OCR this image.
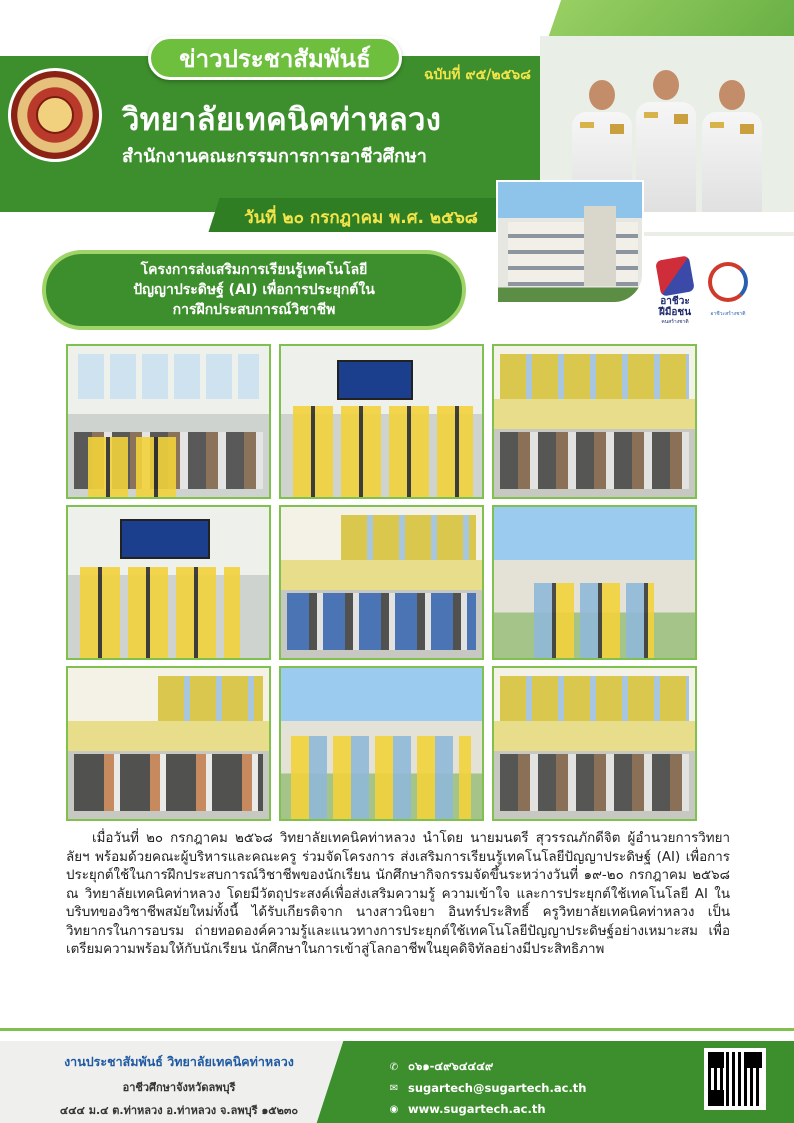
ข่าวประชาสัมพันธ์
ฉบับที่ ๙๕/๒๕๖๘
วิทยาลัยเทคนิคท่าหลวง
สำนักงานคณะกรรมการการอาชีวศึกษา
วันที่ ๒๐ กรกฎาคม พ.ศ. ๒๕๖๘
อาชีวะ
ฝีมือชน
คนสร้างชาติ
อาชีวะสร้างชาติ
โครงการส่งเสริมการเรียนรู้เทคโนโลยี
ปัญญาประดิษฐ์ (AI) เพื่อการประยุกต์ใน
การฝึกประสบการณ์วิชาชีพ

เมื่อวันที่ ๒๐ กรกฎาคม ๒๕๖๘ วิทยาลัยเทคนิคท่าหลวง นำโดย นายมนตรี สุวรรณภักดีจิต ผู้อำนวยการวิทยาลัยฯ พร้อมด้วยคณะผู้บริหารและคณะครู ร่วมจัดโครงการ ส่งเสริมการเรียนรู้เทคโนโลยีปัญญาประดิษฐ์ (AI) เพื่อการประยุกต์ใช้ในการฝึกประสบการณ์วิชาชีพของนักเรียน นักศึกษากิจกรรมจัดขึ้นระหว่างวันที่ ๑๙-๒๐ กรกฎาคม ๒๕๖๘ ณ วิทยาลัยเทคนิคท่าหลวง โดยมีวัตถุประสงค์เพื่อส่งเสริมความรู้ ความเข้าใจ และการประยุกต์ใช้เทคโนโลยี AI ในบริบทของวิชาชีพสมัยใหม่ทั้งนี้ ได้รับเกียรติจาก นางสาวนิจยา อินทร์ประสิทธิ์ ครูวิทยาลัยเทคนิคท่าหลวง เป็นวิทยากรในการอบรม ถ่ายทอดองค์ความรู้และแนวทางการประยุกต์ใช้เทคโนโลยีปัญญาประดิษฐ์อย่างเหมาะสม เพื่อเตรียมความพร้อมให้กับนักเรียน นักศึกษาในการเข้าสู่โลกอาชีพในยุคดิจิทัลอย่างมีประสิทธิภาพ

งานประชาสัมพันธ์ วิทยาลัยเทคนิคท่าหลวง
อาชีวศึกษาจังหวัดลพบุรี
๔๔๔ ม.๔ ต.ท่าหลวง อ.ท่าหลวง จ.ลพบุรี ๑๕๒๓๐
✆ ๐๖๑-๔๙๖๔๔๔๙
✉ sugartech@sugartech.ac.th
◉ www.sugartech.ac.th
